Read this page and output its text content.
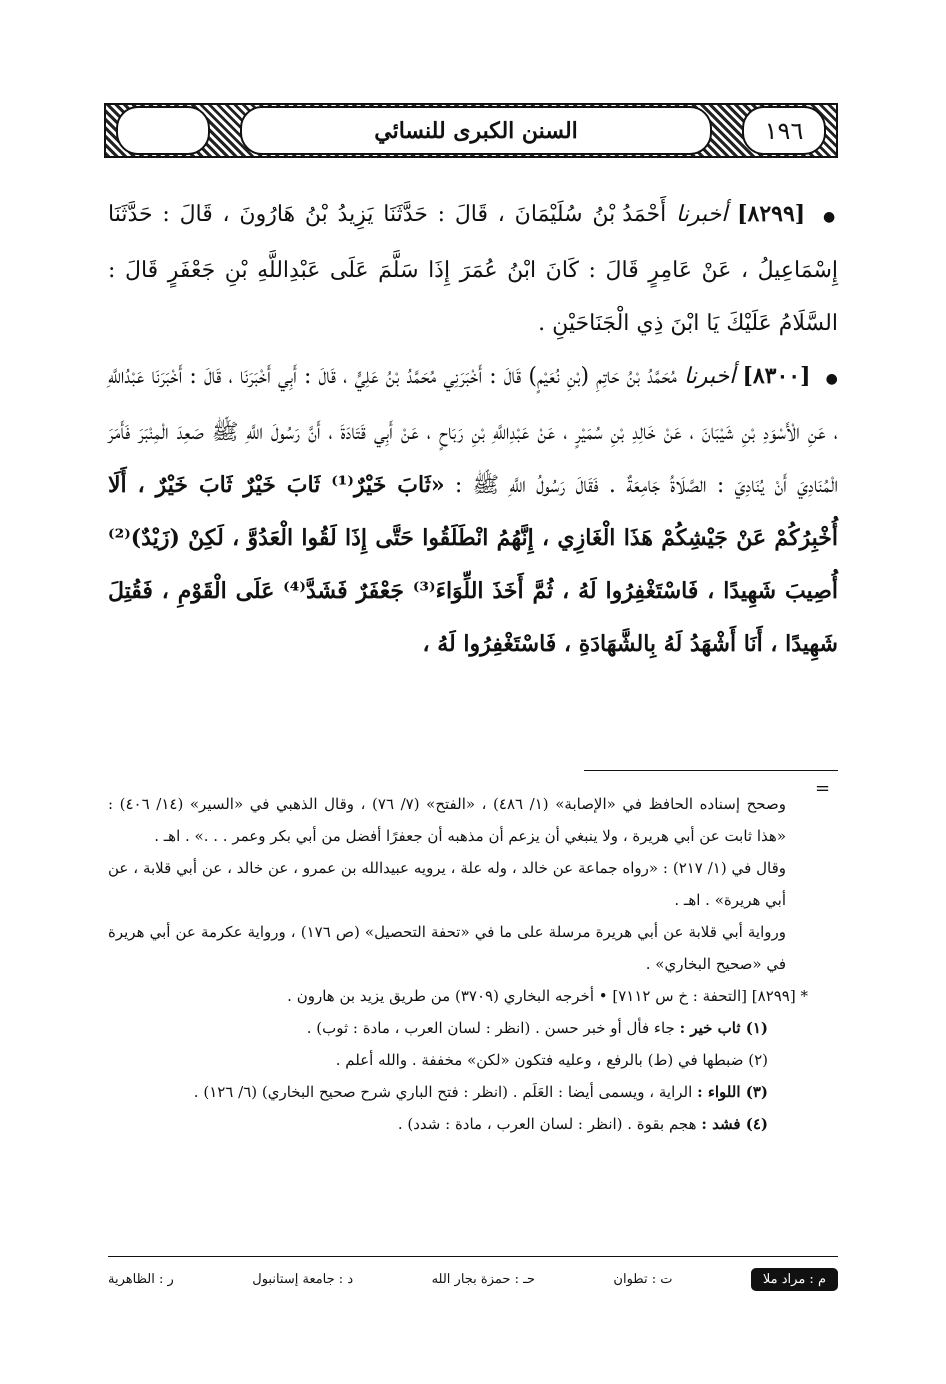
السنن الكبرى للنسائي	١٩٦

● [٨٢٩٩] أخبرنا أَحْمَدُ بْنُ سُلَيْمَانَ ، قَالَ : حَدَّثَنَا يَزِيدُ بْنُ هَارُونَ ، قَالَ : حَدَّثَنَا إِسْمَاعِيلُ ، عَنْ عَامِرٍ قَالَ : كَانَ ابْنُ عُمَرَ إِذَا سَلَّمَ عَلَى عَبْدِاللَّهِ بْنِ جَعْفَرٍ قَالَ : السَّلَامُ عَلَيْكَ يَا ابْنَ ذِي الْجَنَاحَيْنِ .

● [٨٣٠٠] أخبرنا مُحَمَّدُ بْنُ حَاتِمِ (بْنِ نُعَيْمٍ) قَالَ : أَخْبَرَنِي مُحَمَّدُ بْنُ عَلِيٍّ ، قَالَ : أَبِي أَخْبَرَنَا ، قَالَ : أَخْبَرَنَا عَبْدُاللَّهِ ، عَنِ الْأَسْوَدِ بْنِ شَيْبَانَ ، عَنْ خَالِدِ بْنِ سُمَيْرٍ ، عَنْ عَبْدِاللَّهِ بْنِ رَبَاحٍ ، عَنْ أَبِي قَتَادَةَ ، أَنَّ رَسُولَ اللَّهِ ﷺ صَعِدَ الْمِنْبَرَ فَأَمَرَ الْمُنَادِيَ أَنْ يُنَادِيَ : الصَّلَاةُ جَامِعَةٌ . فَقَالَ رَسُولُ اللَّهِ ﷺ : «ثَابَ خَيْرٌ⁽¹⁾ ثَابَ خَيْرٌ ثَابَ خَيْرٌ ، أَلَا أُخْبِرُكُمْ عَنْ جَيْشِكُمْ هَذَا الْغَازِي ، إِنَّهُمُ انْطَلَقُوا حَتَّى إِذَا لَقُوا الْعَدُوَّ ، لَكِنْ (زَيْدٌ)⁽²⁾ أُصِيبَ شَهِيدًا ، فَاسْتَغْفِرُوا لَهُ ، ثُمَّ أَخَذَ اللِّوَاءَ⁽³⁾ جَعْفَرٌ فَشَدَّ⁽⁴⁾ عَلَى الْقَوْمِ ، فَقُتِلَ شَهِيدًا ، أَنَا أَشْهَدُ لَهُ بِالشَّهَادَةِ ، فَاسْتَغْفِرُوا لَهُ ،

=

وصحح إسناده الحافظ في «الإصابة» (١/ ٤٨٦) ، «الفتح» (٧/ ٧٦) ، وقال الذهبي في «السير» (١٤/ ٤٠٦) : «هذا ثابت عن أبي هريرة ، ولا ينبغي أن يزعم أن مذهبه أن جعفرًا أفضل من أبي بكر وعمر . . .» . اهـ .

وقال في (١/ ٢١٧) : «رواه جماعة عن خالد ، وله علة ، يرويه عبيدالله بن عمرو ، عن خالد ، عن أبي قلابة ، عن أبي هريرة» . اهـ .

ورواية أبي قلابة عن أبي هريرة مرسلة على ما في «تحفة التحصيل» (ص ١٧٦) ، ورواية عكرمة عن أبي هريرة في «صحيح البخاري» .

* [٨٢٩٩] [التحفة : خ س ٧١١٢] • أخرجه البخاري (٣٧٠٩) من طريق يزيد بن هارون .

(١) ثاب خير : جاء فأل أو خبر حسن . (انظر : لسان العرب ، مادة : ثوب) .

(٢) ضبطها في (ط) بالرفع ، وعليه فتكون «لكن» مخففة . والله أعلم .

(٣) اللواء : الراية ، ويسمى أيضا : العَلَم . (انظر : فتح الباري شرح صحيح البخاري) (٦/ ١٢٦) .

(٤) فشد : هجم بقوة . (انظر : لسان العرب ، مادة : شدد) .

م : مراد ملا
ت : تطوان
حـ : حمزة بجار الله
د : جامعة إستانبول
ر : الظاهرية
